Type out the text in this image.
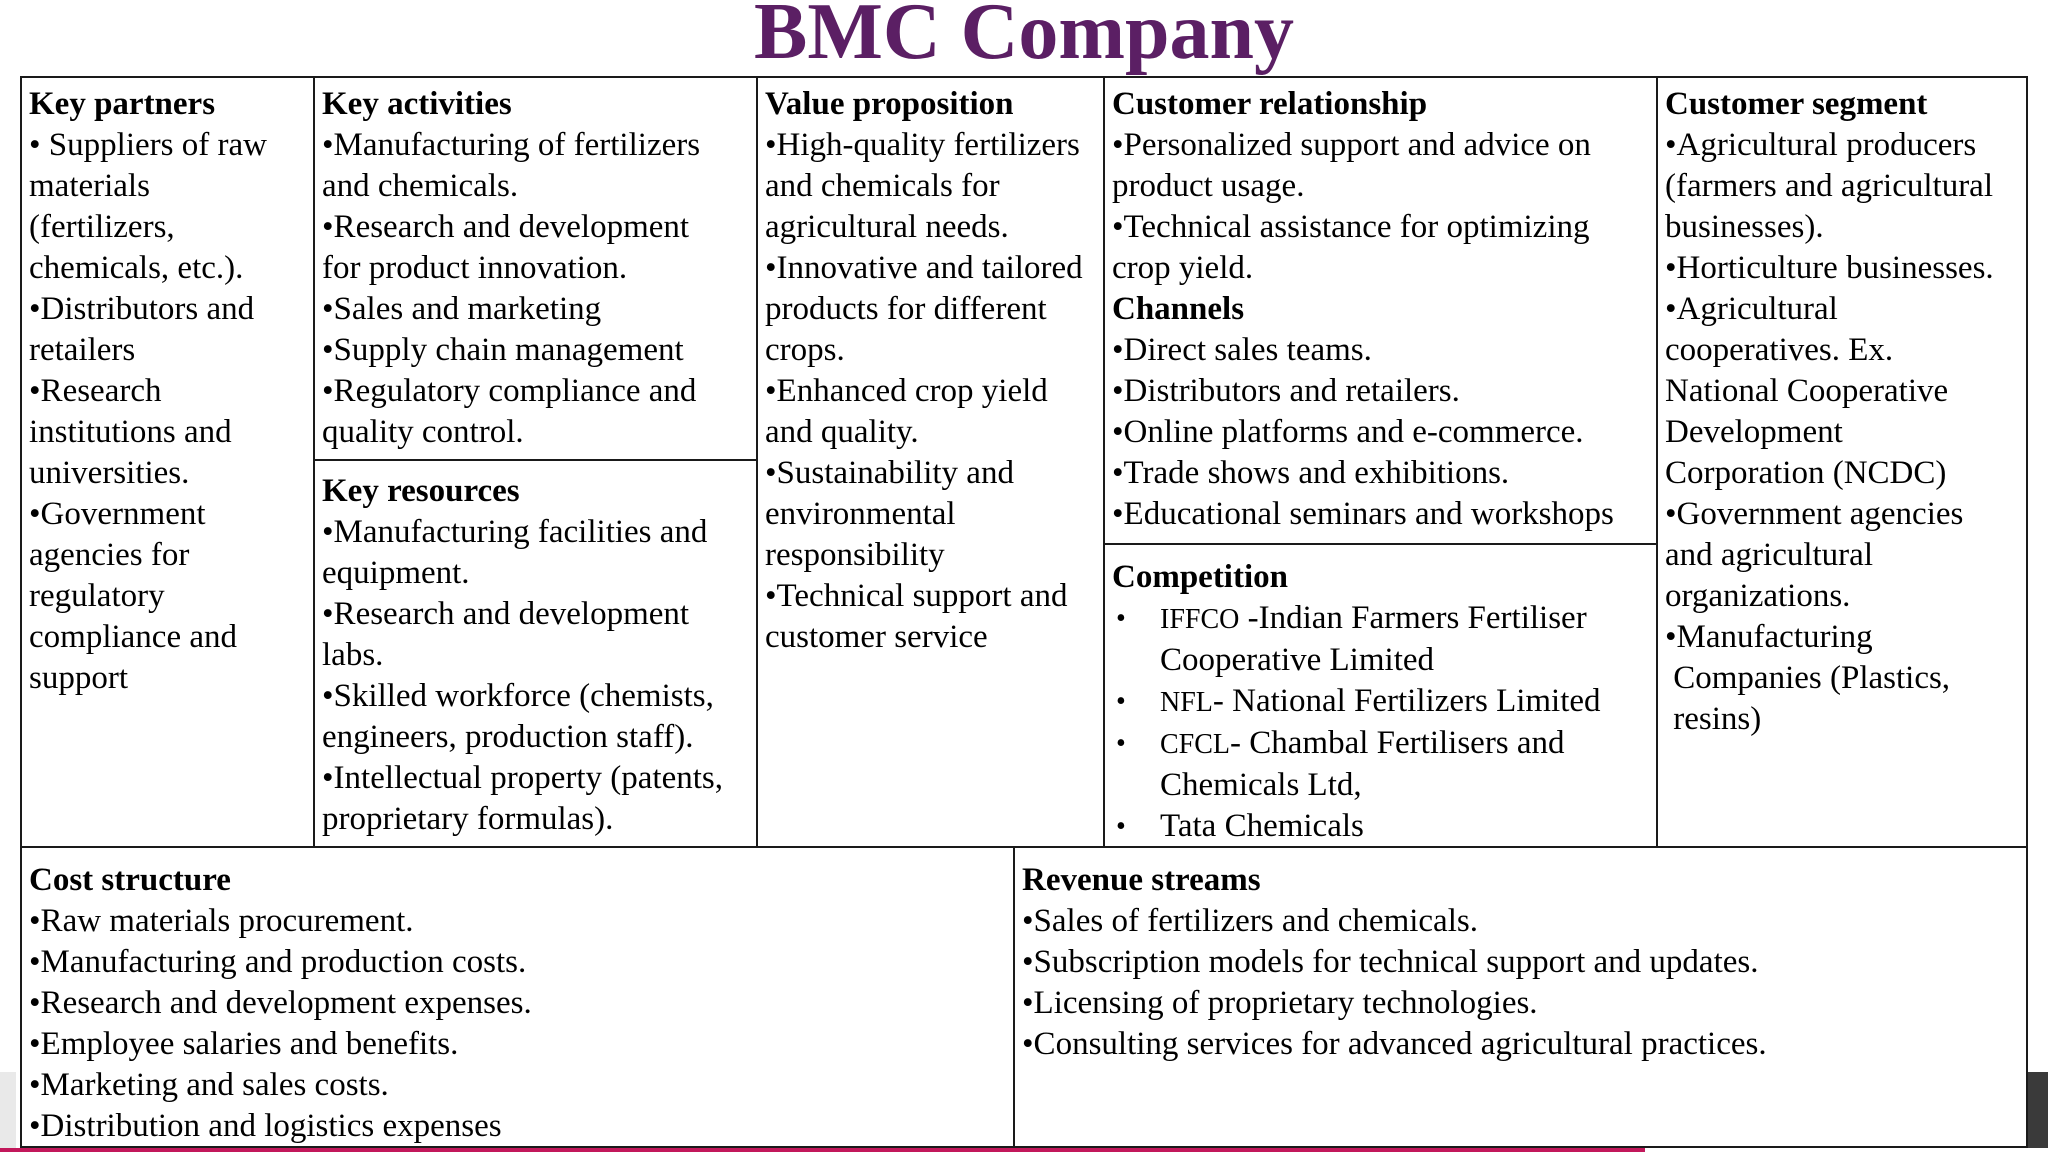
BMC Company
Key partners
• Suppliers of raw
materials
(fertilizers,
chemicals, etc.).
•Distributors and
retailers
•Research
institutions and
universities.
•Government
agencies for
regulatory
compliance and
support
Key activities
•Manufacturing of fertilizers
and chemicals.
•Research and development
for product innovation.
•Sales and marketing
•Supply chain management
•Regulatory compliance and
quality control.
Key resources
•Manufacturing facilities and
equipment.
•Research and development
labs.
•Skilled workforce (chemists,
engineers, production staff).
•Intellectual property (patents,
proprietary formulas).
Value proposition
•High-quality fertilizers
and chemicals for
agricultural needs.
•Innovative and tailored
products for different
crops.
•Enhanced crop yield
and quality.
•Sustainability and
environmental
responsibility
•Technical support and
customer service
Customer relationship
•Personalized support and advice on
product usage.
•Technical assistance for optimizing
crop yield.
Channels
•Direct sales teams.
•Distributors and retailers.
•Online platforms and e-commerce.
•Trade shows and exhibitions.
•Educational seminars and workshops
Competition
•	IFFCO -Indian Farmers Fertiliser
Cooperative Limited
•	NFL- National Fertilizers Limited
•	CFCL- Chambal Fertilisers and
Chemicals Ltd,
•	Tata Chemicals
Customer segment
•Agricultural producers
(farmers and agricultural
businesses).
•Horticulture businesses.
•Agricultural
cooperatives. Ex.
National Cooperative
Development
Corporation (NCDC)
•Government agencies
and agricultural
organizations.
•Manufacturing
Companies (Plastics,
resins)
Cost structure
•Raw materials procurement.
•Manufacturing and production costs.
•Research and development expenses.
•Employee salaries and benefits.
•Marketing and sales costs.
•Distribution and logistics expenses
Revenue streams
•Sales of fertilizers and chemicals.
•Subscription models for technical support and updates.
•Licensing of proprietary technologies.
•Consulting services for advanced agricultural practices.
